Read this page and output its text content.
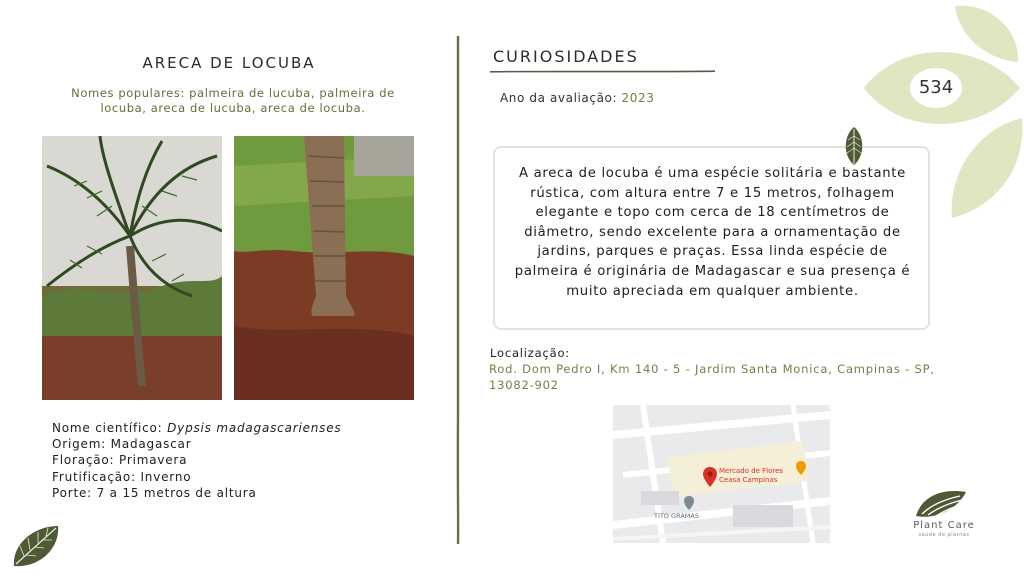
534
ARECA DE LOCUBA
Nomes populares: palmeira de lucuba, palmeira de locuba, areca de lucuba, areca de locuba.
Nome científico: Dypsis madagascarienses
Origem: Madagascar
Floração: Primavera
Frutificação: Inverno
Porte: 7 a 15 metros de altura
CURIOSIDADES
Ano da avaliação: 2023
A areca de locuba é uma espécie solitária e bastante rústica, com altura entre 7 e 15 metros, folhagem elegante e topo com cerca de 18 centímetros de diâmetro, sendo excelente para a ornamentação de jardins, parques e praças. Essa linda espécie de palmeira é originária de Madagascar e sua presença é muito apreciada em qualquer ambiente.
Localização:
Rod. Dom Pedro I, Km 140 - 5 - Jardim Santa Monica, Campinas - SP, 13082-902
Mercado de Flores
Ceasa Campinas
TITO GRAMAS
Plant Care
saúde de plantas
